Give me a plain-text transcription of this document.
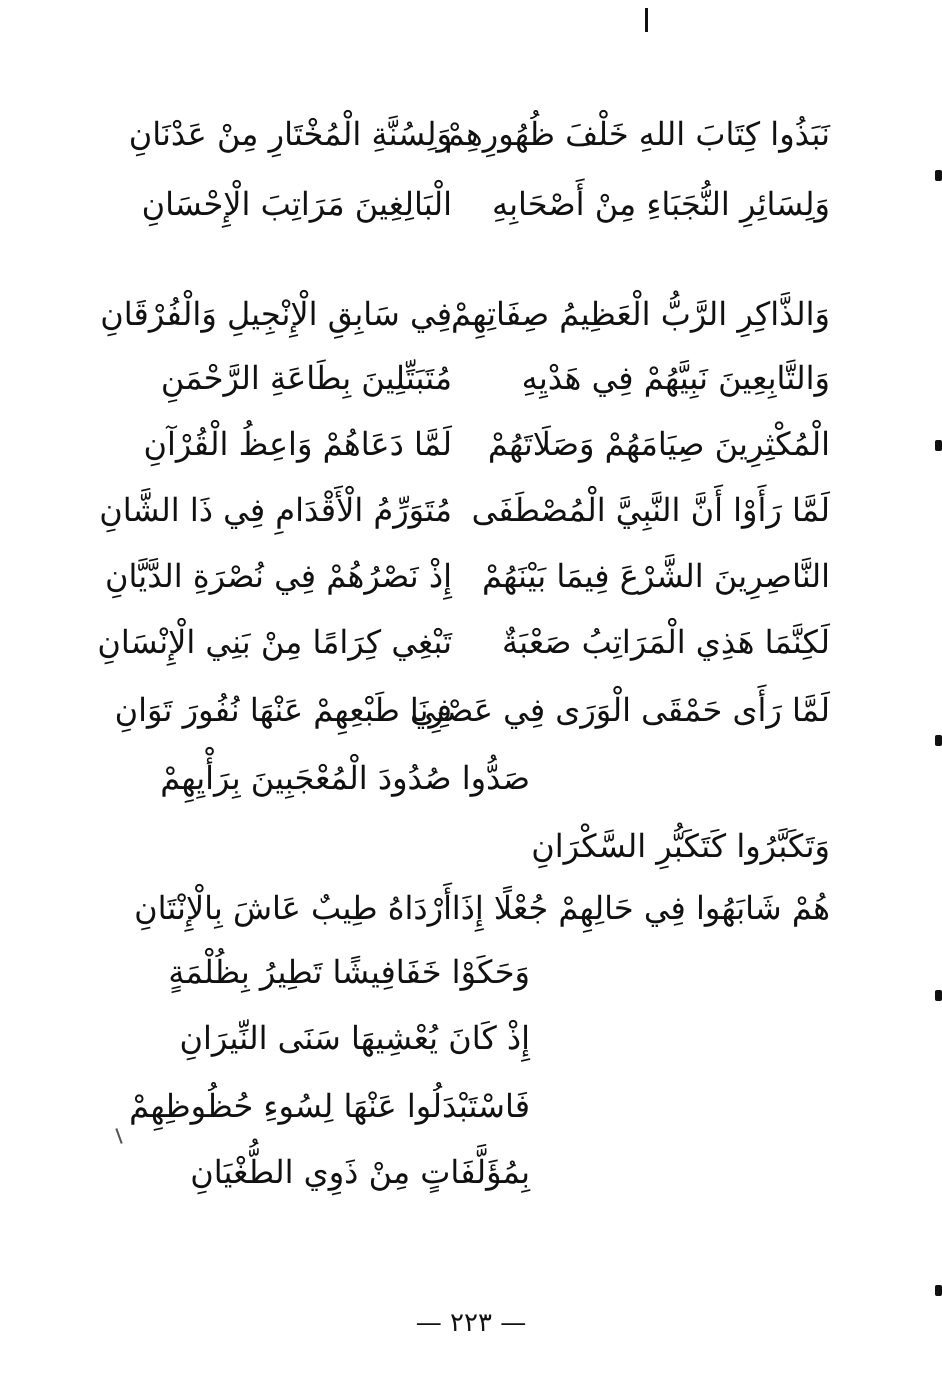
نَبَذُوا كِتَابَ اللهِ خَلْفَ ظُهُورِهِمْ
وَلِسُنَّةِ الْمُخْتَارِ مِنْ عَدْنَانِ
وَلِسَائِرِ النُّجَبَاءِ مِنْ أَصْحَابِهِ
الْبَالِغِينَ مَرَاتِبَ الْإِحْسَانِ
وَالذَّاكِرِ الرَّبُّ الْعَظِيمُ صِفَاتِهِمْ
فِي سَابِقِ الْإِنْجِيلِ وَالْفُرْقَانِ
وَالتَّابِعِينَ نَبِيَّهُمْ فِي هَدْيِهِ
مُتَبَتِّلِينَ بِطَاعَةِ الرَّحْمَنِ
الْمُكْثِرِينَ صِيَامَهُمْ وَصَلَاتَهُمْ
لَمَّا دَعَاهُمْ وَاعِظُ الْقُرْآنِ
لَمَّا رَأَوْا أَنَّ النَّبِيَّ الْمُصْطَفَى
مُتَوَرِّمُ الْأَقْدَامِ فِي ذَا الشَّانِ
النَّاصِرِينَ الشَّرْعَ فِيمَا بَيْنَهُمْ
إِذْ نَصْرُهُمْ فِي نُصْرَةِ الدَّيَّانِ
لَكِنَّمَا هَذِي الْمَرَاتِبُ صَعْبَةٌ
تَبْغِي كِرَامًا مِنْ بَنِي الْإِنْسَانِ
لَمَّا رَأَى حَمْقَى الْوَرَى فِي عَصْرِنَا
فِي طَبْعِهِمْ عَنْهَا نُفُورَ تَوَانِ
صَدُّوا صُدُودَ الْمُعْجَبِينَ بِرَأْيِهِمْ
وَتَكَبَّرُوا كَتَكَبُّرِ السَّكْرَانِ
هُمْ شَابَهُوا فِي حَالِهِمْ جُعْلًا إِذَا
أَرْدَاهُ طِيبٌ عَاشَ بِالْإِنْتَانِ
وَحَكَوْا خَفَافِيشًا تَطِيرُ بِظُلْمَةٍ
إِذْ كَانَ يُعْشِيهَا سَنَى النِّيرَانِ
فَاسْتَبْدَلُوا عَنْهَا لِسُوءِ حُظُوظِهِمْ
بِمُؤَلَّفَاتٍ مِنْ ذَوِي الطُّغْيَانِ
— ٢٢٣ —
